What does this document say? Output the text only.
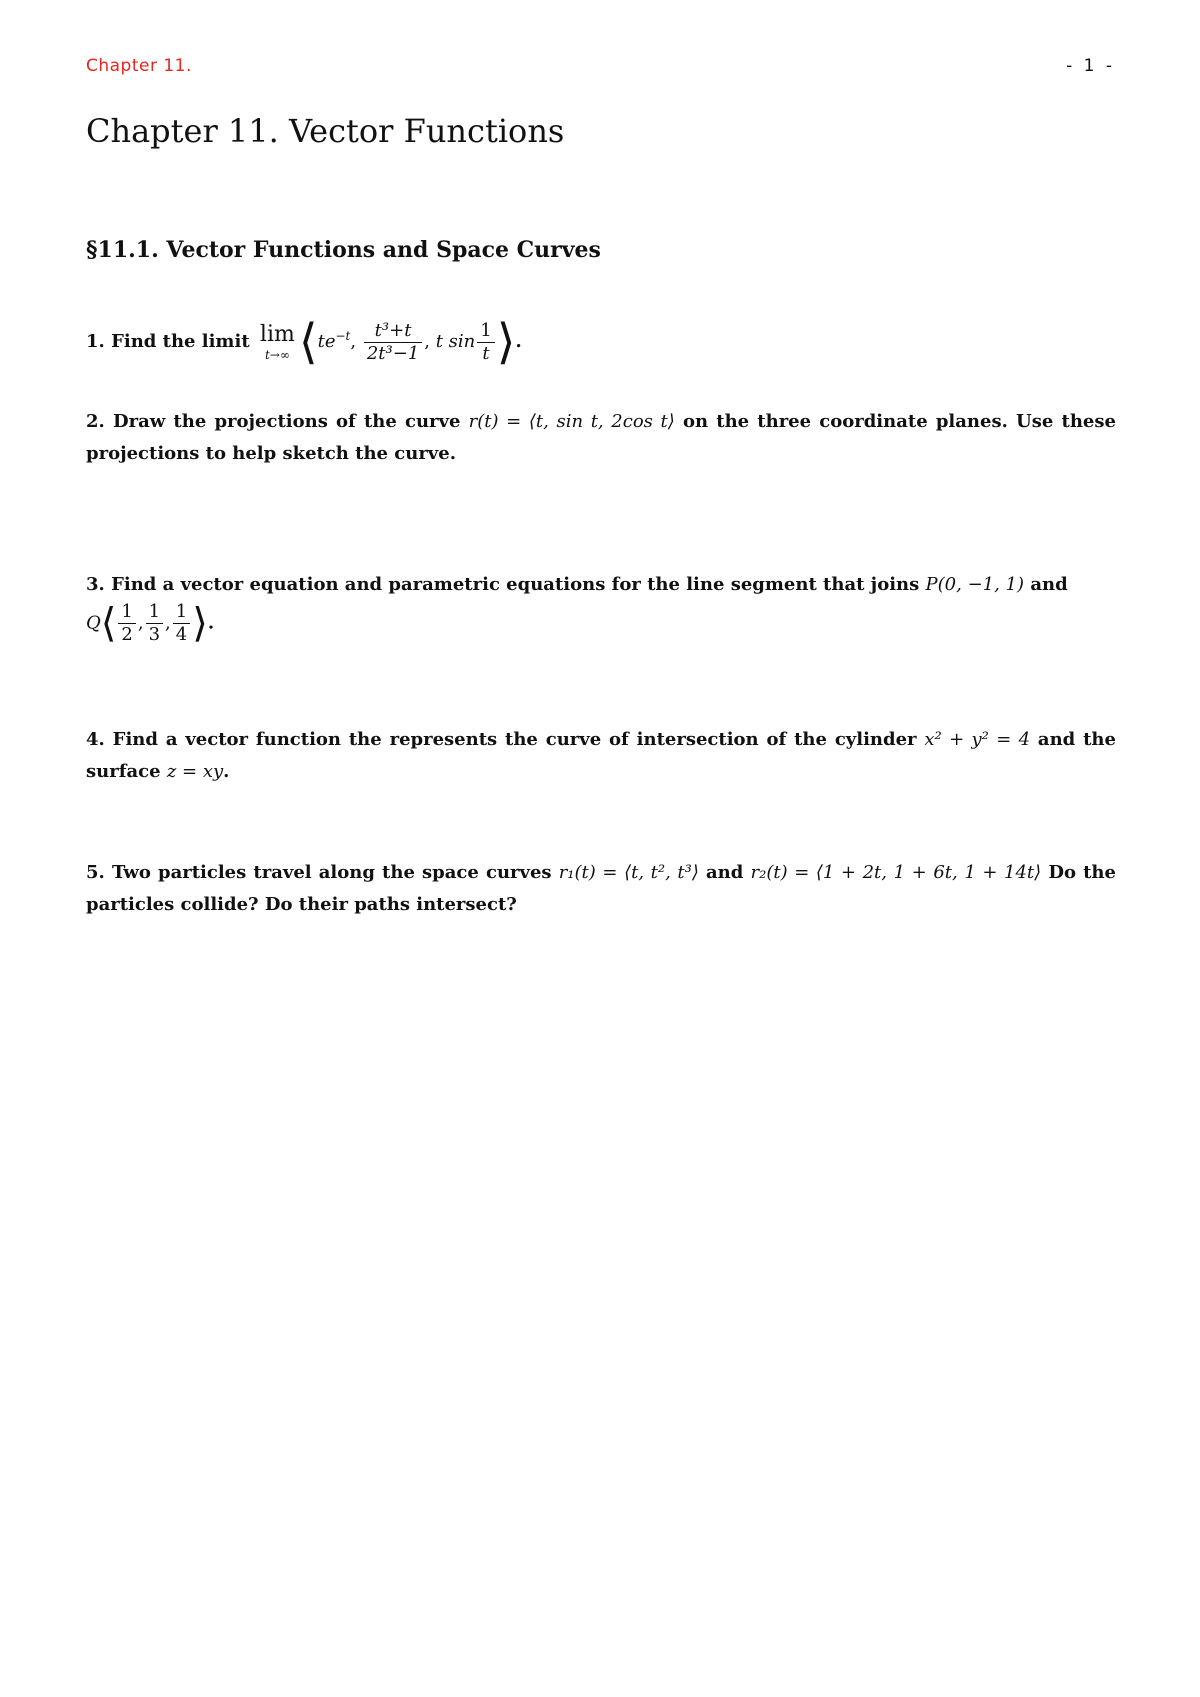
Chapter 11.	- 1 -
Chapter 11. Vector Functions
§11.1. Vector Functions and Space Curves
1. Find the limit lim
t→∞ $⟨te^{-t}$, $\frac{\text{t³+t}}{\text{2t³−1}}$ , t $\sin \frac{1}{t}$ ⟩.
2. Draw the projections of the curve r(t) = ⟨t, sin t, 2cos t⟩ on the three coordinate planes. Use these projections to help sketch the curve.
3. Find a vector equation and parametric equations for the line segment that joins P(0, −1, 1) and
Q⟨ $\frac{1}{2}$ , $\frac{1}{3}$ , $\frac{1}{4}$ ⟩.
4. Find a vector function the represents the curve of intersection of the cylinder x² + y² = 4 and the surface z = xy.
5. Two particles travel along the space curves r₁(t) = ⟨t, t², t³⟩ and r₂(t) = ⟨1 + 2t, 1 + 6t, 1 + 14t⟩ Do the particles collide? Do their paths intersect?
